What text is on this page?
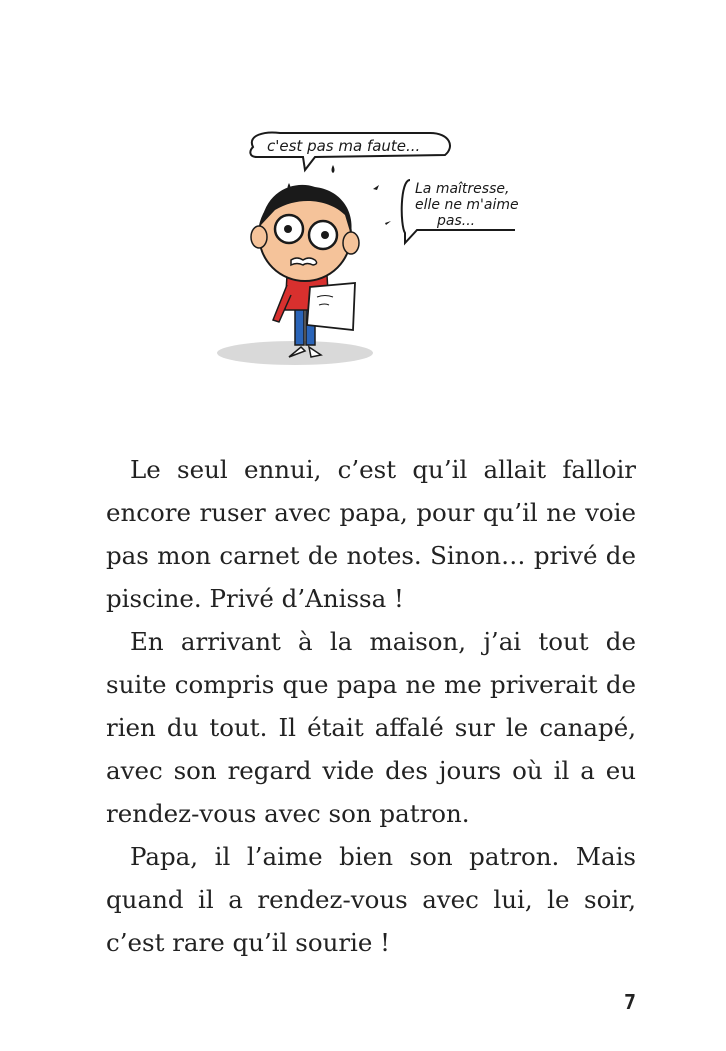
c'est pas ma faute...
La maîtresse,
elle ne m'aime
pas...
Le seul ennui, c’est qu’il allait falloir
encore ruser avec papa, pour qu’il ne voie
pas mon carnet de notes. Sinon… privé de
piscine. Privé d’Anissa !
En arrivant à la maison, j’ai tout de
suite compris que papa ne me priverait de
rien du tout. Il était affalé sur le canapé,
avec son regard vide des jours où il a eu
rendez-vous avec son patron.
Papa, il l’aime bien son patron. Mais
quand il a rendez-vous avec lui, le soir,
c’est rare qu’il sourie !
7
